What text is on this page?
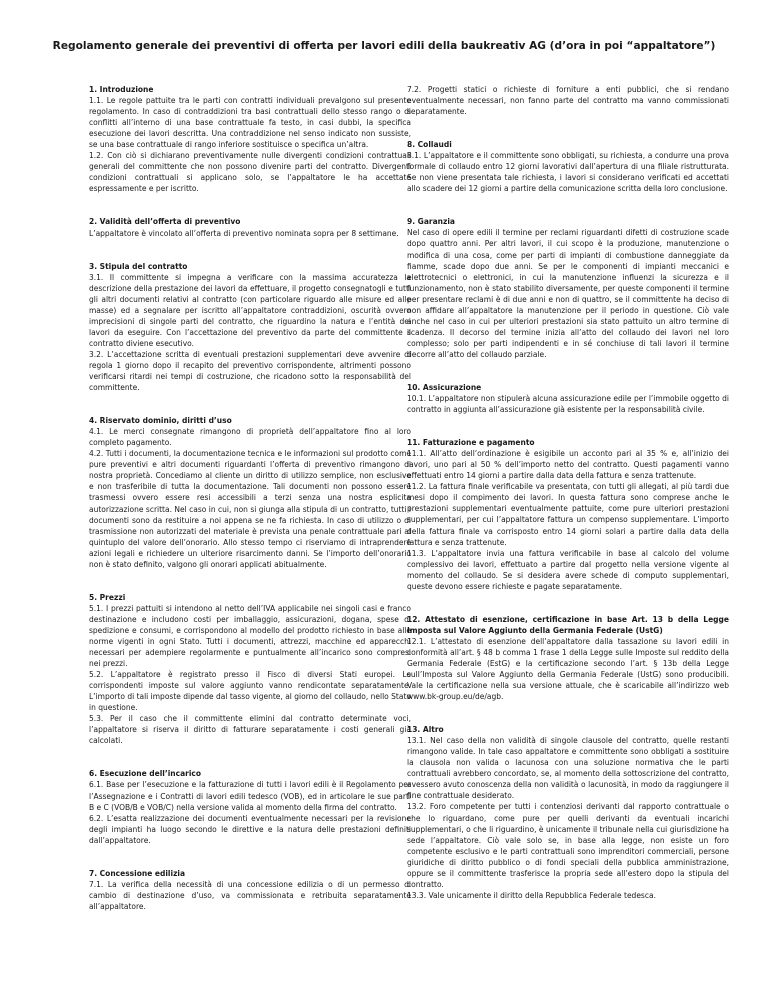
Regolamento generale dei preventivi di offerta per lavori edili della baukreativ AG (d’ora in poi “appaltatore”)
1. Introduzione
1.1. Le regole pattuite tra le parti con contratti individuali prevalgono sul presente regolamento. In caso di contraddizioni tra basi contrattuali dello stesso rango o di conflitti all’interno di una base contrattuale fa testo, in casi dubbi, la specifica esecuzione dei lavori descritta. Una contraddizione nel senso indicato non sussiste, se una base contrattuale di rango inferiore sostituisce o specifica un’altra.
1.2. Con ciò si dichiarano preventivamente nulle divergenti condizioni contrattuali generali del committente che non possono divenire parti del contratto. Divergenti condizioni contrattuali si applicano solo, se l’appaltatore le ha accettate espressamente e per iscritto.
2. Validità dell’offerta di preventivo
L’appaltatore è vincolato all’offerta di preventivo nominata sopra per 8 settimane.
3. Stipula del contratto
3.1. Il committente si impegna a verificare con la massima accuratezza la descrizione della prestazione dei lavori da effettuare, il progetto consegnatogli e tutti gli altri documenti relativi al contratto (con particolare riguardo alle misure ed alle masse) ed a segnalare per iscritto all’appaltatore contraddizioni, oscurità ovvero imprecisioni di singole parti del contratto, che riguardino la natura e l’entità dei lavori da eseguire. Con l’accettazione del preventivo da parte del committente il contratto diviene esecutivo.
3.2. L’accettazione scritta di eventuali prestazioni supplementari deve avvenire di regola 1 giorno dopo il recapito del preventivo corrispondente, altrimenti possono verificarsi ritardi nei tempi di costruzione, che ricadono sotto la responsabilità del committente.
4. Riservato dominio, diritti d’uso
4.1. Le merci consegnate rimangono di proprietà dell’appaltatore fino al loro completo pagamento.
4.2. Tutti i documenti, la documentazione tecnica e le informazioni sul prodotto come pure preventivi e altri documenti riguardanti l’offerta di preventivo rimangono di nostra proprietà. Concediamo al cliente un diritto di utilizzo semplice, non esclusivo e non trasferibile di tutta la documentazione. Tali documenti non possono essere trasmessi ovvero essere resi accessibili a terzi senza una nostra esplicita autorizzazione scritta. Nel caso in cui, non si giunga alla stipula di un contratto, tutti i documenti sono da restituire a noi appena se ne fa richiesta. In caso di utilizzo o di trasmissione non autorizzati del materiale è prevista una penale contrattuale pari al quintuplo del valore dell’onorario. Allo stesso tempo ci riserviamo di intraprendere azioni legali e richiedere un ulteriore risarcimento danni. Se l’importo dell’onorario non è stato definito, valgono gli onorari applicati abitualmente.
5. Prezzi
5.1. I prezzi pattuiti si intendono al netto dell’IVA applicabile nei singoli casi e franco destinazione e includono costi per imballaggio, assicurazioni, dogana, spese di spedizione e consumi, e corrispondono al modello del prodotto richiesto in base alle norme vigenti in ogni Stato. Tutti i documenti, attrezzi, macchine ed apparecchi necessari per adempiere regolarmente e puntualmente all’incarico sono compresi nei prezzi.
5.2. L’appaltatore è registrato presso il Fisco di diversi Stati europei. Le corrispondenti imposte sul valore aggiunto vanno rendicontate separatamente. L’importo di tali imposte dipende dal tasso vigente, al giorno del collaudo, nello Stato in questione.
5.3. Per il caso che il committente elimini dal contratto determinate voci, l’appaltatore si riserva il diritto di fatturare separatamente i costi generali già calcolati.
6. Esecuzione dell’incarico
6.1. Base per l’esecuzione e la fatturazione di tutti i lavori edili è il Regolamento per l’Assegnazione e i Contratti di lavori edili tedesco (VOB), ed in articolare le sue parti B e C (VOB/B e VOB/C) nella versione valida al momento della firma del contratto.
6.2. L’esatta realizzazione dei documenti eventualmente necessari per la revisione degli impianti ha luogo secondo le direttive e la natura delle prestazioni definiti dall’appaltatore.
7. Concessione edilizia
7.1. La verifica della necessità di una concessione edilizia o di un permesso di cambio di destinazione d’uso, va commissionata e retribuita separatamente all’appaltatore.
7.2. Progetti statici o richieste di forniture a enti pubblici, che si rendano eventualmente necessari, non fanno parte del contratto ma vanno commissionati separatamente.
8. Collaudi
8.1. L’appaltatore e il committente sono obbligati, su richiesta, a condurre una prova formale di collaudo entro 12 giorni lavorativi dall’apertura di una filiale ristrutturata. Se non viene presentata tale richiesta, i lavori si considerano verificati ed accettati allo scadere dei 12 giorni a partire della comunicazione scritta della loro conclusione.
9. Garanzia
Nel caso di opere edili il termine per reclami riguardanti difetti di costruzione scade dopo quattro anni. Per altri lavori, il cui scopo è la produzione, manutenzione o modifica di una cosa, come per parti di impianti di combustione danneggiate da fiamme, scade dopo due anni. Se per le componenti di impianti meccanici e elettrotecnici o elettronici, in cui la manutenzione influenzi la sicurezza e il funzionamento, non è stato stabilito diversamente, per queste componenti il termine per presentare reclami è di due anni e non di quattro, se il committente ha deciso di non affidare all’appaltatore la manutenzione per il periodo in questione. Ciò vale anche nel caso in cui per ulteriori prestazioni sia stato pattuito un altro termine di scadenza. Il decorso del termine inizia all’atto del collaudo dei lavori nel loro complesso; solo per parti indipendenti e in sé conchiuse di tali lavori il termine decorre all’atto del collaudo parziale.
10. Assicurazione
10.1. L’appaltatore non stipulerà alcuna assicurazione edile per l’immobile oggetto di contratto in aggiunta all’assicurazione già esistente per la responsabilità civile.
11. Fatturazione e pagamento
11.1. All’atto dell’ordinazione è esigibile un acconto pari al 35 % e, all’inizio dei lavori, uno pari al 50 % dell’importo netto del contratto. Questi pagamenti vanno effettuati entro 14 giorni a partire dalla data della fattura e senza trattenute.
11.2. La fattura finale verificabile va presentata, con tutti gli allegati, al più tardi due mesi dopo il compimento dei lavori. In questa fattura sono comprese anche le prestazioni supplementari eventualmente pattuite, come pure ulteriori prestazioni supplementari, per cui l’appaltatore fattura un compenso supplementare. L’importo della fattura finale va corrisposto entro 14 giorni solari a partire dalla data della fattura e senza trattenute.
11.3. L’appaltatore invia una fattura verificabile in base al calcolo del volume complessivo dei lavori, effettuato a partire dal progetto nella versione vigente al momento del collaudo. Se si desidera avere schede di computo supplementari, queste devono essere richieste e pagate separatamente.
12. Attestato di esenzione, certificazione in base Art. 13 b della Legge Imposta sul Valore Aggiunto della Germania Federale (UstG)
12.1. L’attestato di esenzione dell’appaltatore dalla tassazione su lavori edili in conformità all’art. § 48 b comma 1 frase 1 della Legge sulle Imposte sul reddito della Germania Federale (EstG) e la certificazione secondo l’art. § 13b della Legge sull’Imposta sul Valore Aggiunto della Germania Federale (UstG) sono producibili. Vale la certificazione nella sua versione attuale, che è scaricabile all’indirizzo web www.bk-group.eu/de/agb.
13. Altro
13.1. Nel caso della non validità di singole clausole del contratto, quelle restanti rimangono valide. In tale caso appaltatore e committente sono obbligati a sostituire la clausola non valida o lacunosa con una soluzione normativa che le parti contrattuali avrebbero concordato, se, al momento della sottoscrizione del contratto, avessero avuto conoscenza della non validità o lacunosità, in modo da raggiungere il fine contrattuale desiderato.
13.2. Foro competente per tutti i contenziosi derivanti dal rapporto contrattuale o che lo riguardano, come pure per quelli derivanti da eventuali incarichi supplementari, o che li riguardino, è unicamente il tribunale nella cui giurisdizione ha sede l’appaltatore. Ciò vale solo se, in base alla legge, non esiste un foro competente esclusivo e le parti contrattuali sono imprenditori commerciali, persone giuridiche di diritto pubblico o di fondi speciali della pubblica amministrazione, oppure se il committente trasferisce la propria sede all’estero dopo la stipula del contratto.
13.3. Vale unicamente il diritto della Repubblica Federale tedesca.
